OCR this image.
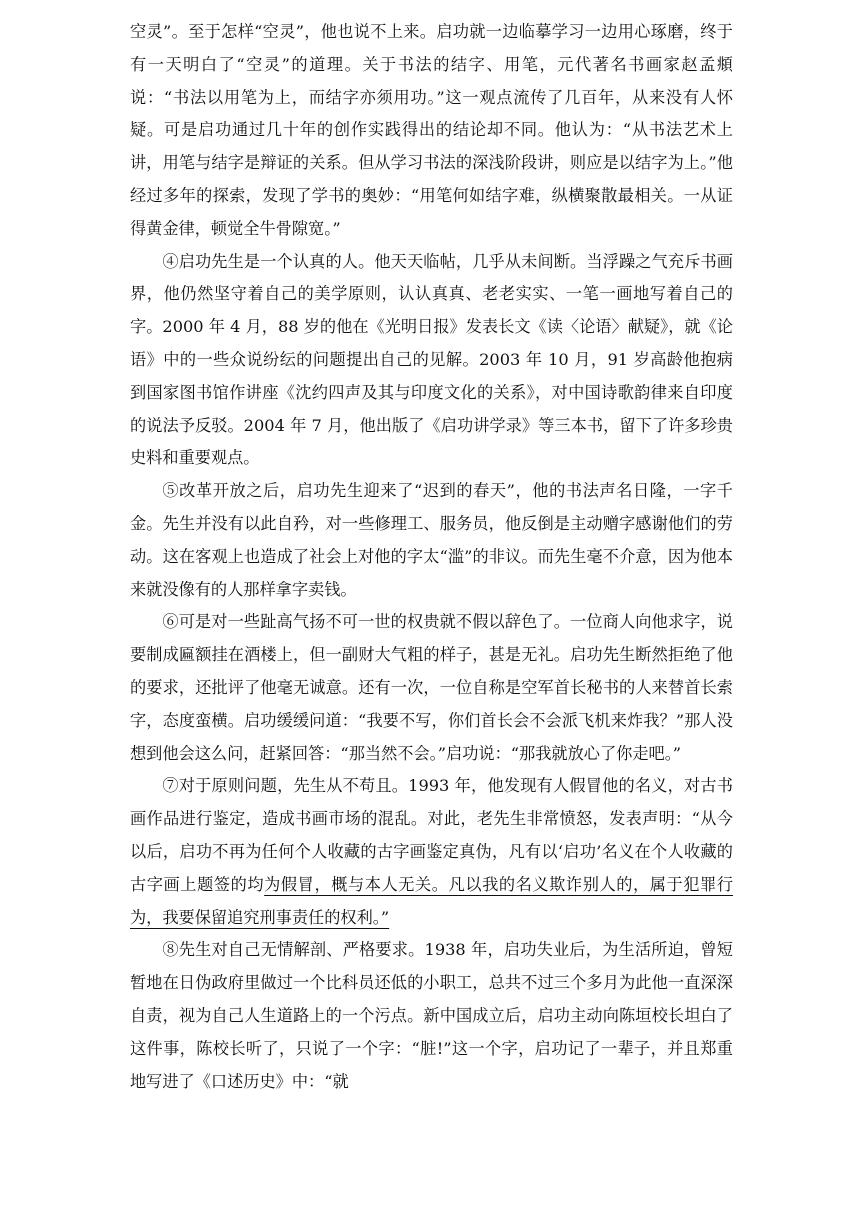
空灵”。至于怎样“空灵”，他也说不上来。启功就一边临摹学习一边用心琢磨，终于有一天明白了“空灵”的道理。关于书法的结字、用笔，元代著名书画家赵孟頫说：“书法以用笔为上，而结字亦须用功。”这一观点流传了几百年，从来没有人怀疑。可是启功通过几十年的创作实践得出的结论却不同。他认为：“从书法艺术上讲，用笔与结字是辩证的关系。但从学习书法的深浅阶段讲，则应是以结字为上。”他经过多年的探索，发现了学书的奥妙：“用笔何如结字难，纵横聚散最相关。一从证得黄金律，顿觉全牛骨隙宽。”

④启功先生是一个认真的人。他天天临帖，几乎从未间断。当浮躁之气充斥书画界，他仍然坚守着自己的美学原则，认认真真、老老实实、一笔一画地写着自己的字。2000 年 4 月，88 岁的他在《光明日报》发表长文《读〈论语〉献疑》，就《论语》中的一些众说纷纭的问题提出自己的见解。2003 年 10 月，91 岁高龄他抱病到国家图书馆作讲座《沈约四声及其与印度文化的关系》，对中国诗歌韵律来自印度的说法予反驳。2004 年 7 月，他出版了《启功讲学录》等三本书，留下了许多珍贵史料和重要观点。

⑤改革开放之后，启功先生迎来了“迟到的春天”，他的书法声名日隆，一字千金。先生并没有以此自矜，对一些修理工、服务员，他反倒是主动赠字感谢他们的劳动。这在客观上也造成了社会上对他的字太“滥”的非议。而先生毫不介意，因为他本来就没像有的人那样拿字卖钱。

⑥可是对一些趾高气扬不可一世的权贵就不假以辞色了。一位商人向他求字，说要制成匾额挂在酒楼上，但一副财大气粗的样子，甚是无礼。启功先生断然拒绝了他的要求，还批评了他毫无诚意。还有一次，一位自称是空军首长秘书的人来替首长索字，态度蛮横。启功缓缓问道：“我要不写，你们首长会不会派飞机来炸我？”那人没想到他会这么问，赶紧回答：“那当然不会。”启功说：“那我就放心了你走吧。”

⑦对于原则问题，先生从不苟且。1993 年，他发现有人假冒他的名义，对古书画作品进行鉴定，造成书画市场的混乱。对此，老先生非常愤怒，发表声明：“从今以后，启功不再为任何个人收藏的古字画鉴定真伪，凡有以‘启功’名义在个人收藏的古字画上题签的均为假冒，概与本人无关。凡以我的名义欺诈别人的，属于犯罪行为，我要保留追究刑事责任的权利。”

⑧先生对自己无情解剖、严格要求。1938 年，启功失业后，为生活所迫，曾短暂地在日伪政府里做过一个比科员还低的小职工，总共不过三个多月为此他一直深深自责，视为自己人生道路上的一个污点。新中国成立后，启功主动向陈垣校长坦白了这件事，陈校长听了，只说了一个字：“脏!”这一个字，启功记了一辈子，并且郑重地写进了《口述历史》中：“就
